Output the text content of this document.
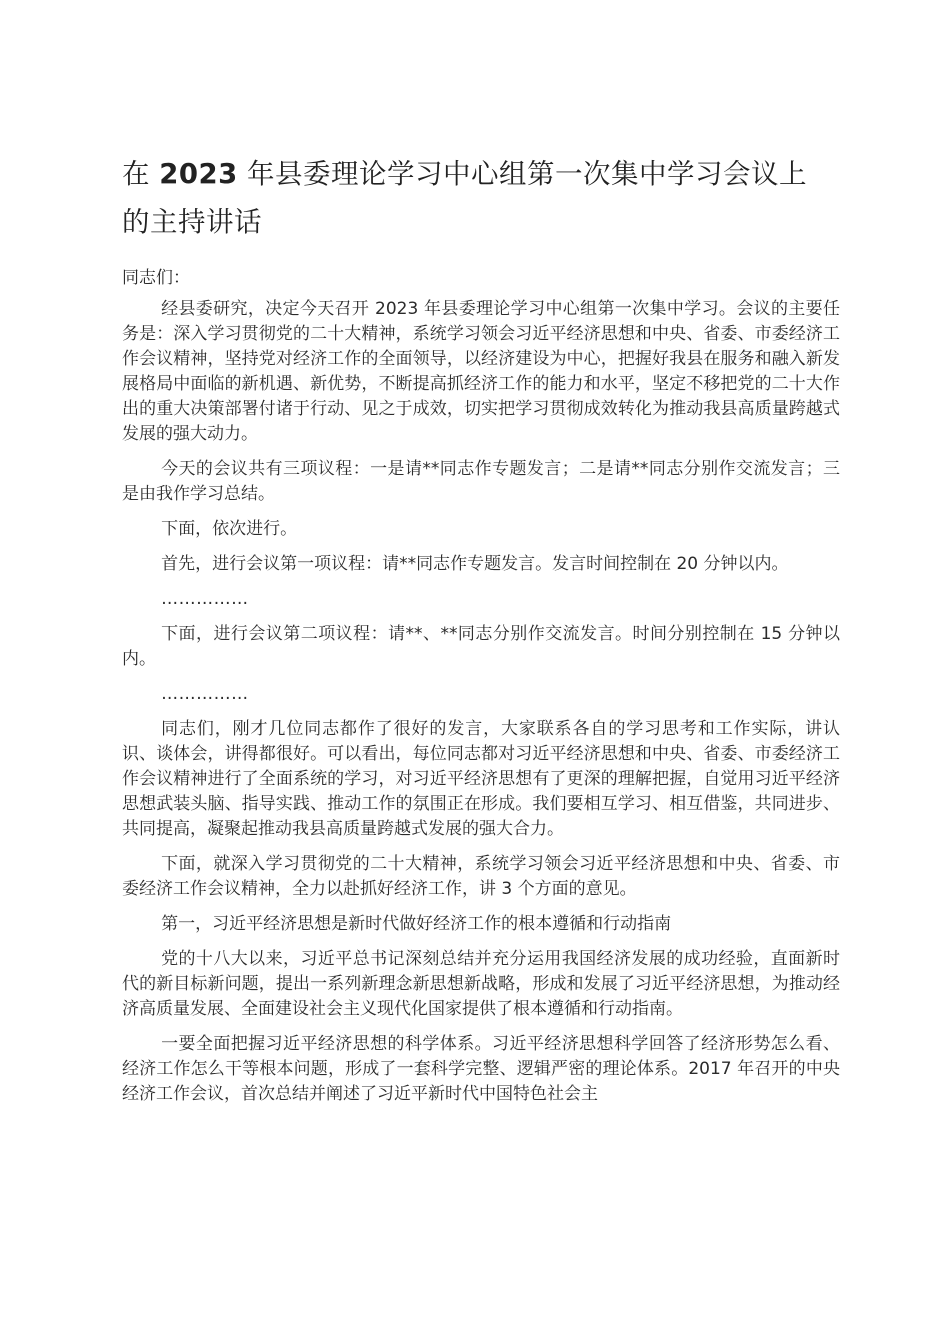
在 2023 年县委理论学习中心组第一次集中学习会议上
的主持讲话

同志们：

经县委研究，决定今天召开 2023 年县委理论学习中心组第一次集中学习。会议的主要任务是：深入学习贯彻党的二十大精神，系统学习领会习近平经济思想和中央、省委、市委经济工作会议精神，坚持党对经济工作的全面领导，以经济建设为中心，把握好我县在服务和融入新发展格局中面临的新机遇、新优势，不断提高抓经济工作的能力和水平，坚定不移把党的二十大作出的重大决策部署付诸于行动、见之于成效，切实把学习贯彻成效转化为推动我县高质量跨越式发展的强大动力。

今天的会议共有三项议程：一是请**同志作专题发言；二是请**同志分别作交流发言；三是由我作学习总结。

下面，依次进行。

首先，进行会议第一项议程：请**同志作专题发言。发言时间控制在 20 分钟以内。

……………

下面，进行会议第二项议程：请**、**同志分别作交流发言。时间分别控制在 15 分钟以内。

……………

同志们，刚才几位同志都作了很好的发言，大家联系各自的学习思考和工作实际，讲认识、谈体会，讲得都很好。可以看出，每位同志都对习近平经济思想和中央、省委、市委经济工作会议精神进行了全面系统的学习，对习近平经济思想有了更深的理解把握，自觉用习近平经济思想武装头脑、指导实践、推动工作的氛围正在形成。我们要相互学习、相互借鉴，共同进步、共同提高，凝聚起推动我县高质量跨越式发展的强大合力。

下面，就深入学习贯彻党的二十大精神，系统学习领会习近平经济思想和中央、省委、市委经济工作会议精神，全力以赴抓好经济工作，讲 3 个方面的意见。

第一，习近平经济思想是新时代做好经济工作的根本遵循和行动指南

党的十八大以来，习近平总书记深刻总结并充分运用我国经济发展的成功经验，直面新时代的新目标新问题，提出一系列新理念新思想新战略，形成和发展了习近平经济思想，为推动经济高质量发展、全面建设社会主义现代化国家提供了根本遵循和行动指南。

一要全面把握习近平经济思想的科学体系。习近平经济思想科学回答了经济形势怎么看、经济工作怎么干等根本问题，形成了一套科学完整、逻辑严密的理论体系。2017 年召开的中央经济工作会议，首次总结并阐述了习近平新时代中国特色社会主
